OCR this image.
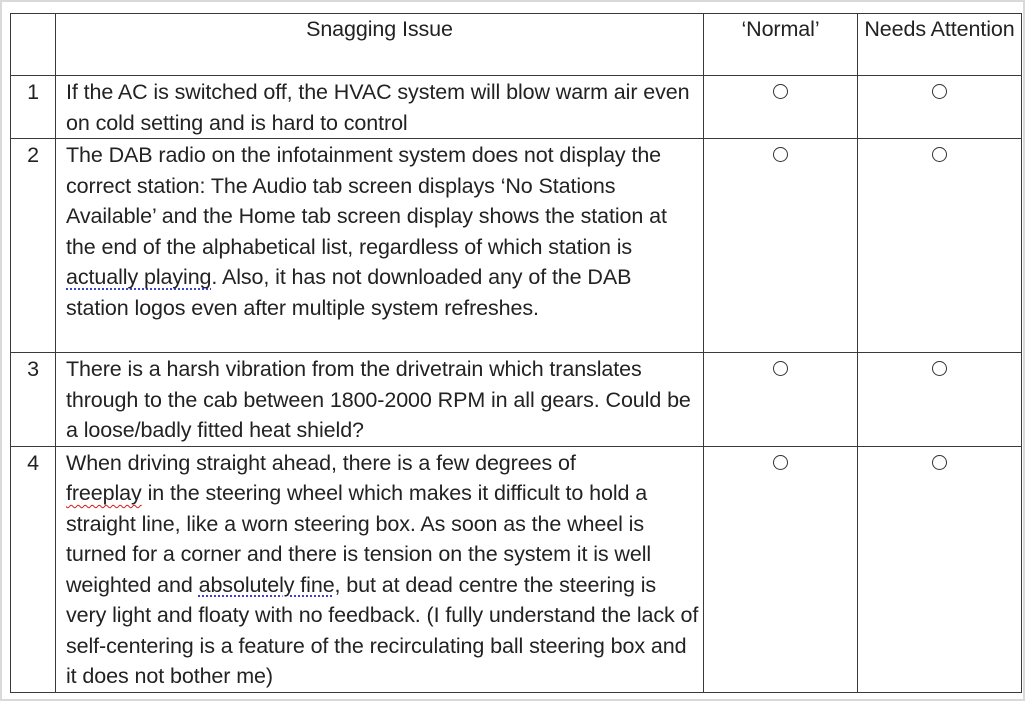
	Snagging Issue	‘Normal’	Needs Attention
1	If the AC is switched off, the HVAC system will blow warm air even on cold setting and is hard to control		
2	The DAB radio on the infotainment system does not display the correct station: The Audio tab screen displays ‘No Stations Available’ and the Home tab screen display shows the station at the end of the alphabetical list, regardless of which station is actually playing. Also, it has not downloaded any of the DAB station logos even after multiple system refreshes.		
3	There is a harsh vibration from the drivetrain which translates through to the cab between 1800-2000 RPM in all gears. Could be a loose/badly fitted heat shield?		
4	When driving straight ahead, there is a few degrees of
freeplay in the steering wheel which makes it difficult to hold a straight line, like a worn steering box. As soon as the wheel is turned for a corner and there is tension on the system it is well weighted and absolutely fine, but at dead centre the steering is very light and floaty with no feedback. (I fully understand the lack of self-centering is a feature of the recirculating ball steering box and it does not bother me)		
